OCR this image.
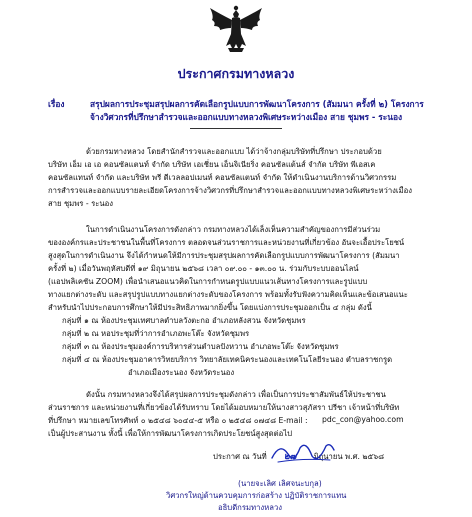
ประกาศกรมทางหลวง
เรื่อง	สรุปผลการประชุมสรุปผลการคัดเลือกรูปแบบการพัฒนาโครงการ (สัมมนา ครั้งที่ ๒) โครงการ
จ้างวิศวกรที่ปรึกษาสำรวจและออกแบบทางหลวงพิเศษระหว่างเมือง สาย ชุมพร - ระนอง
ด้วยกรมทางหลวง โดยสำนักสำรวจและออกแบบ ได้ว่าจ้างกลุ่มบริษัทที่ปรึกษา ประกอบด้วย
บริษัท เอ็ม เอ เอ คอนซัลแตนท์ จำกัด บริษัท เอเชี่ยน เอ็นจิเนียริ่ง คอนซัลแต้นส์ จำกัด บริษัท พีเอสเค
คอนซัลแทนท์ จำกัด และบริษัท พรี ดีเวลลอปเมนท์ คอนซัลแตนท์ จำกัด ให้ดำเนินงานบริการด้านวิศวกรรม
การสำรวจและออกแบบรายละเอียดโครงการจ้างวิศวกรที่ปรึกษาสำรวจและออกแบบทางหลวงพิเศษระหว่างเมือง
สาย ชุมพร - ระนอง
ในการดำเนินงานโครงการดังกล่าว กรมทางหลวงได้เล็งเห็นความสำคัญของการมีส่วนร่วม
ขององค์กรและประชาชนในพื้นที่โครงการ ตลอดจนส่วนราชการและหน่วยงานที่เกี่ยวข้อง อันจะเอื้อประโยชน์
สูงสุดในการดำเนินงาน จึงได้กำหนดให้มีการประชุมสรุปผลการคัดเลือกรูปแบบการพัฒนาโครงการ (สัมมนา
ครั้งที่ ๒) เมื่อวันพฤหัสบดีที่ ๑๙ มิถุนายน ๒๕๖๘ เวลา ๐๙.๐๐ - ๑๓.๐๐ น. ร่วมกับระบบออนไลน์
(แอปพลิเคชัน ZOOM) เพื่อนำเสนอแนวคิดในการกำหนดรูปแบบแนวเส้นทางโครงการและรูปแบบ
ทางแยกต่างระดับ และสรุปรูปแบบทางแยกต่างระดับของโครงการ พร้อมทั้งรับฟังความคิดเห็นและข้อเสนอแนะ
สำหรับนำไปประกอบการศึกษาให้มีประสิทธิภาพมากยิ่งขึ้น โดยแบ่งการประชุมออกเป็น ๔ กลุ่ม ดังนี้
กลุ่มที่ ๑ ณ ห้องประชุมเทศบาลตำบลวังตะกอ อำเภอหลังสวน จังหวัดชุมพร
กลุ่มที่ ๒ ณ หอประชุมที่ว่าการอำเภอพะโต๊ะ จังหวัดชุมพร
กลุ่มที่ ๓ ณ ห้องประชุมองค์การบริหารส่วนตำบลปังหวาน อำเภอพะโต๊ะ จังหวัดชุมพร
กลุ่มที่ ๔ ณ ห้องประชุมอาคารวิทยบริการ วิทยาลัยเทคนิคระนองและเทคโนโลยีระนอง ตำบลราชกรูด
อำเภอเมืองระนอง จังหวัดระนอง
ดังนั้น กรมทางหลวงจึงได้สรุปผลการประชุมดังกล่าว เพื่อเป็นการประชาสัมพันธ์ให้ประชาชน
ส่วนราชการ และหน่วยงานที่เกี่ยวข้องได้รับทราบ โดยได้มอบหมายให้นางสาวสุภัสรา ปรีชา เจ้าหน้าที่บริษัท
ที่ปรึกษา หมายเลขโทรศัพท์ ๐ ๒๕๔๘ ๖๐๔๔-๕ หรือ ๐ ๒๕๔๘ ๐๗๔๘ E-mail : pdc_con@yahoo.com
เป็นผู้ประสานงาน ทั้งนี้ เพื่อให้การพัฒนาโครงการเกิดประโยชน์สูงสุดต่อไป
ประกาศ ณ วันที่ ๒๗ มิถุนายน พ.ศ. ๒๕๖๘
(นายจะเลิศ เลิศจนะบกุล)
วิศวกรใหญ่ด้านควบคุมการก่อสร้าง ปฏิบัติราชการแทน
อธิบดีกรมทางหลวง
